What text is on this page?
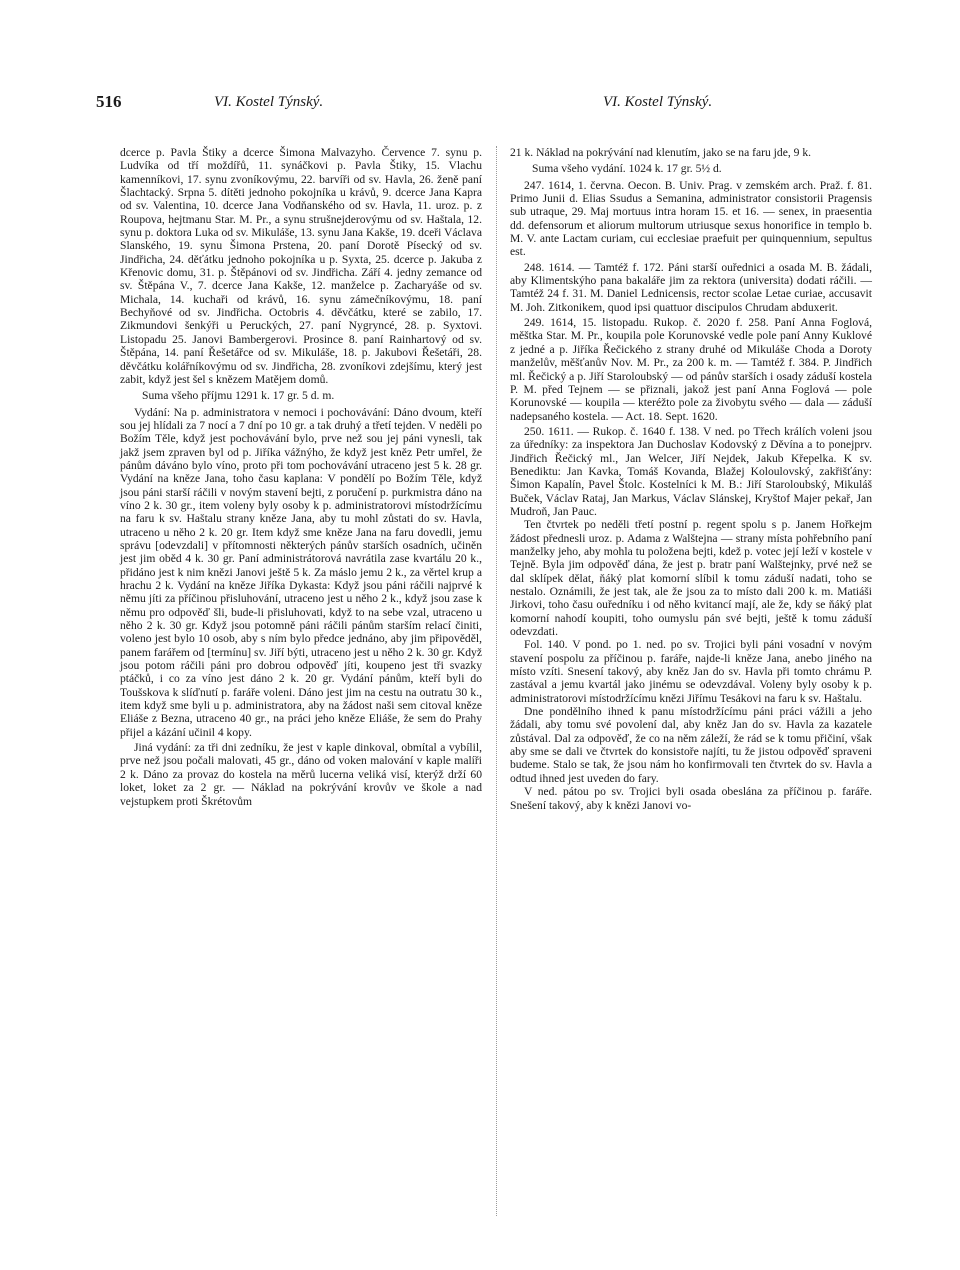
516	VI. Kostel Týnský.	VI. Kostel Týnský.

dcerce p. Pavla Štiky a dcerce Šimona Malvazyho. Července 7. synu p. Ludvíka od tří moždířů, 11. synáčkovi p. Pavla Štiky, 15. Vlachu kamenníkovi, 17. synu zvoníkovýmu, 22. barvíři od sv. Havla, 26. ženě paní Šlachtacký. Srpna 5. dítěti jednoho pokojníka u krávů, 9. dcerce Jana Kapra od sv. Valentina, 10. dcerce Jana Vodňanského od sv. Havla, 11. uroz. p. z Roupova, hejtmanu Star. M. Pr., a synu strušnejderovýmu od sv. Haštala, 12. synu p. doktora Luka od sv. Mikuláše, 13. synu Jana Kakše, 19. dceři Václava Slanského, 19. synu Šimona Prstena, 20. paní Dorotě Písecký od sv. Jindřicha, 24. děťátku jednoho pokojníka u p. Syxta, 25. dcerce p. Jakuba z Křenovic domu, 31. p. Štěpánovi od sv. Jindřicha. Září 4. jedny zemance od sv. Štěpána V., 7. dcerce Jana Kakše, 12. manželce p. Zacharyáše od sv. Michala, 14. kuchaři od krávů, 16. synu zámečníkovýmu, 18. paní Bechyňové od sv. Jindřicha. Octobris 4. děvčátku, které se zabilo, 17. Zikmundovi šenkýři u Peruckých, 27. paní Nygryncé, 28. p. Syxtovi. Listopadu 25. Janovi Bambergerovi. Prosince 8. paní Rainhartový od sv. Štěpána, 14. paní Řešetářce od sv. Mikuláše, 18. p. Jakubovi Řešetáři, 28. děvčátku kolářníkovýmu od sv. Jindřicha, 28. zvoníkovi zdejšímu, který jest zabit, když jest šel s knězem Matějem domů.

Suma všeho příjmu 1291 k. 17 gr. 5 d. m.

Vydání: Na p. administratora v nemoci i pochovávání: Dáno dvoum, kteří sou jej hlídali za 7 nocí a 7 dní po 10 gr. a tak druhý a třetí tejden. V neděli po Božím Těle, když jest pochovávání bylo, prve než sou jej páni vynesli, tak jakž jsem zpraven byl od p. Jiříka vážnýho, že když jest kněz Petr umřel, že pánům dáváno bylo víno, proto při tom pochovávání utraceno jest 5 k. 28 gr. Vydání na kněze Jana, toho času kaplana: V pondělí po Božím Těle, když jsou páni starší ráčili v novým stavení bejti, z poručení p. purkmistra dáno na víno 2 k. 30 gr., item voleny byly osoby k p. administratorovi místodržícímu na faru k sv. Haštalu strany kněze Jana, aby tu mohl zůstati do sv. Havla, utraceno u něho 2 k. 20 gr. Item když sme kněze Jana na faru dovedli, jemu správu [odevzdali] v přítomnosti některých pánův starších osadních, učiněn jest jim oběd 4 k. 30 gr. Paní administrátorová navrátila zase kvartálu 20 k., přidáno jest k nim knězi Janovi ještě 5 k. Za máslo jemu 2 k., za věrtel krup a hrachu 2 k. Vydání na kněze Jiříka Dykasta: Když jsou páni ráčili najprvé k němu jíti za příčinou přisluhování, utraceno jest u něho 2 k., když jsou zase k němu pro odpověď šli, bude-li přisluhovati, když to na sebe vzal, utraceno u něho 2 k. 30 gr. Když jsou potomně páni ráčili pánům starším relací činiti, voleno jest bylo 10 osob, aby s ním bylo předce jednáno, aby jim připověděl, panem farářem od [termínu] sv. Jiří býti, utraceno jest u něho 2 k. 30 gr. Když jsou potom ráčili páni pro dobrou odpověď jíti, koupeno jest tři svazky ptáčků, i co za víno jest dáno 2 k. 20 gr. Vydání pánům, kteří byli do Toušskova k slíďnutí p. faráře voleni. Dáno jest jim na cestu na outratu 30 k., item když sme byli u p. administratora, aby na žádost naši sem citoval kněze Eliáše z Bezna, utraceno 40 gr., na práci jeho kněze Eliáše, že sem do Prahy přijel a kázání učinil 4 kopy.

Jiná vydání: za tři dni zedníku, že jest v kaple dinkoval, obmítal a vybílil, prve než jsou počali malovati, 45 gr., dáno od voken malování v kaple malíři 2 k. Dáno za provaz do kostela na měrů lucerna veliká visí, kterýž drží 60 loket, loket za 2 gr. — Náklad na pokrývání krovův ve škole a nad vejstupkem proti Škrétovům

21 k. Náklad na pokrývání nad klenutím, jako se na faru jde, 9 k.

Suma všeho vydání. 1024 k. 17 gr. 5½ d.

247. 1614, 1. června. Oecon. B. Univ. Prag. v zemském arch. Praž. f. 81. Primo Junii d. Elias Ssudus a Semanina, administrator consistorii Pragensis sub utraque, 29. Maj mortuus intra horam 15. et 16. — senex, in praesentia dd. defensorum et aliorum multorum utriusque sexus honorifice in templo b. M. V. ante Lactam curiam, cui ecclesiae praefuit per quinquennium, sepultus est.

248. 1614. — Tamtéž f. 172. Páni starší ouřednici a osada M. B. žádali, aby Klimentskýho pana bakaláře jim za rektora (universita) dodati ráčili. — Tamtéž 24 f. 31. M. Daniel Lednicensis, rector scolae Letae curiae, accusavit M. Joh. Zitkonikem, quod ipsi quattuor discipulos Chrudam abduxerit.

249. 1614, 15. listopadu. Rukop. č. 2020 f. 258. Paní Anna Foglová, měštka Star. M. Pr., koupila pole Korunovské vedle pole paní Anny Kuklové z jedné a p. Jiříka Řečického z strany druhé od Mikuláše Choda a Doroty manželův, měšťanův Nov. M. Pr., za 200 k. m. — Tamtéž f. 384. P. Jindřich ml. Řečický a p. Jiří Staroloubský — od pánův starších i osady záduší kostela P. M. před Tejnem — se přiznali, jakož jest paní Anna Foglová — pole Korunovské — koupila — kteréžto pole za živobytu svého — dala — záduší nadepsaného kostela. — Act. 18. Sept. 1620.

250. 1611. — Rukop. č. 1640 f. 138. V ned. po Třech králích voleni jsou za úředníky: za inspektora Jan Duchoslav Kodovský z Děvína a to ponejprv. Jindřich Řečický ml., Jan Welcer, Jiří Nejdek, Jakub Křepelka. K sv. Benediktu: Jan Kavka, Tomáš Kovanda, Blažej Koloulovský, zakřišťány: Šimon Kapalín, Pavel Štolc. Kostelníci k M. B.: Jiří Staroloubský, Mikuláš Buček, Václav Rataj, Jan Markus, Václav Slánskej, Kryštof Majer pekař, Jan Mudroň, Jan Pauc.

Ten čtvrtek po neděli třetí postní p. regent spolu s p. Janem Hořkejm žádost přednesli uroz. p. Adama z Walštejna — strany místa pohřebního paní manželky jeho, aby mohla tu položena bejti, kdež p. votec její leží v kostele v Tejně. Byla jim odpověď dána, že jest p. bratr paní Walštejnky, prvé než se dal sklípek dělat, ňáký plat komorní slíbil k tomu záduší nadati, toho se nestalo. Oznámili, že jest tak, ale že jsou za to místo dali 200 k. m. Matiáši Jirkovi, toho času ouředníku i od něho kvitancí mají, ale že, kdy se ňáký plat komorní nahodí koupiti, toho oumyslu pán své bejti, ještě k tomu záduší odevzdati.

Fol. 140. V pond. po 1. ned. po sv. Trojici byli páni vosadní v novým stavení pospolu za příčinou p. faráře, najde-li kněze Jana, anebo jiného na místo vzíti. Snesení takový, aby kněz Jan do sv. Havla při tomto chrámu P. zastával a jemu kvartál jako jinému se odevzdával. Voleny byly osoby k p. administratorovi místodržícímu knězi Jiřímu Tesákovi na faru k sv. Haštalu.

Dne pondělního ihned k panu místodržícímu páni práci vážili a jeho žádali, aby tomu své povolení dal, aby kněz Jan do sv. Havla za kazatele zůstával. Dal za odpověď, že co na něm záleží, že rád se k tomu přičiní, však aby sme se dali ve čtvrtek do konsistoře najíti, tu že jistou odpověď spraveni budeme. Stalo se tak, že jsou nám ho konfirmovali ten čtvrtek do sv. Havla a odtud ihned jest uveden do fary.

V ned. pátou po sv. Trojici byli osada obeslána za příčinou p. faráře. Snešení takový, aby k knězi Janovi vo-
